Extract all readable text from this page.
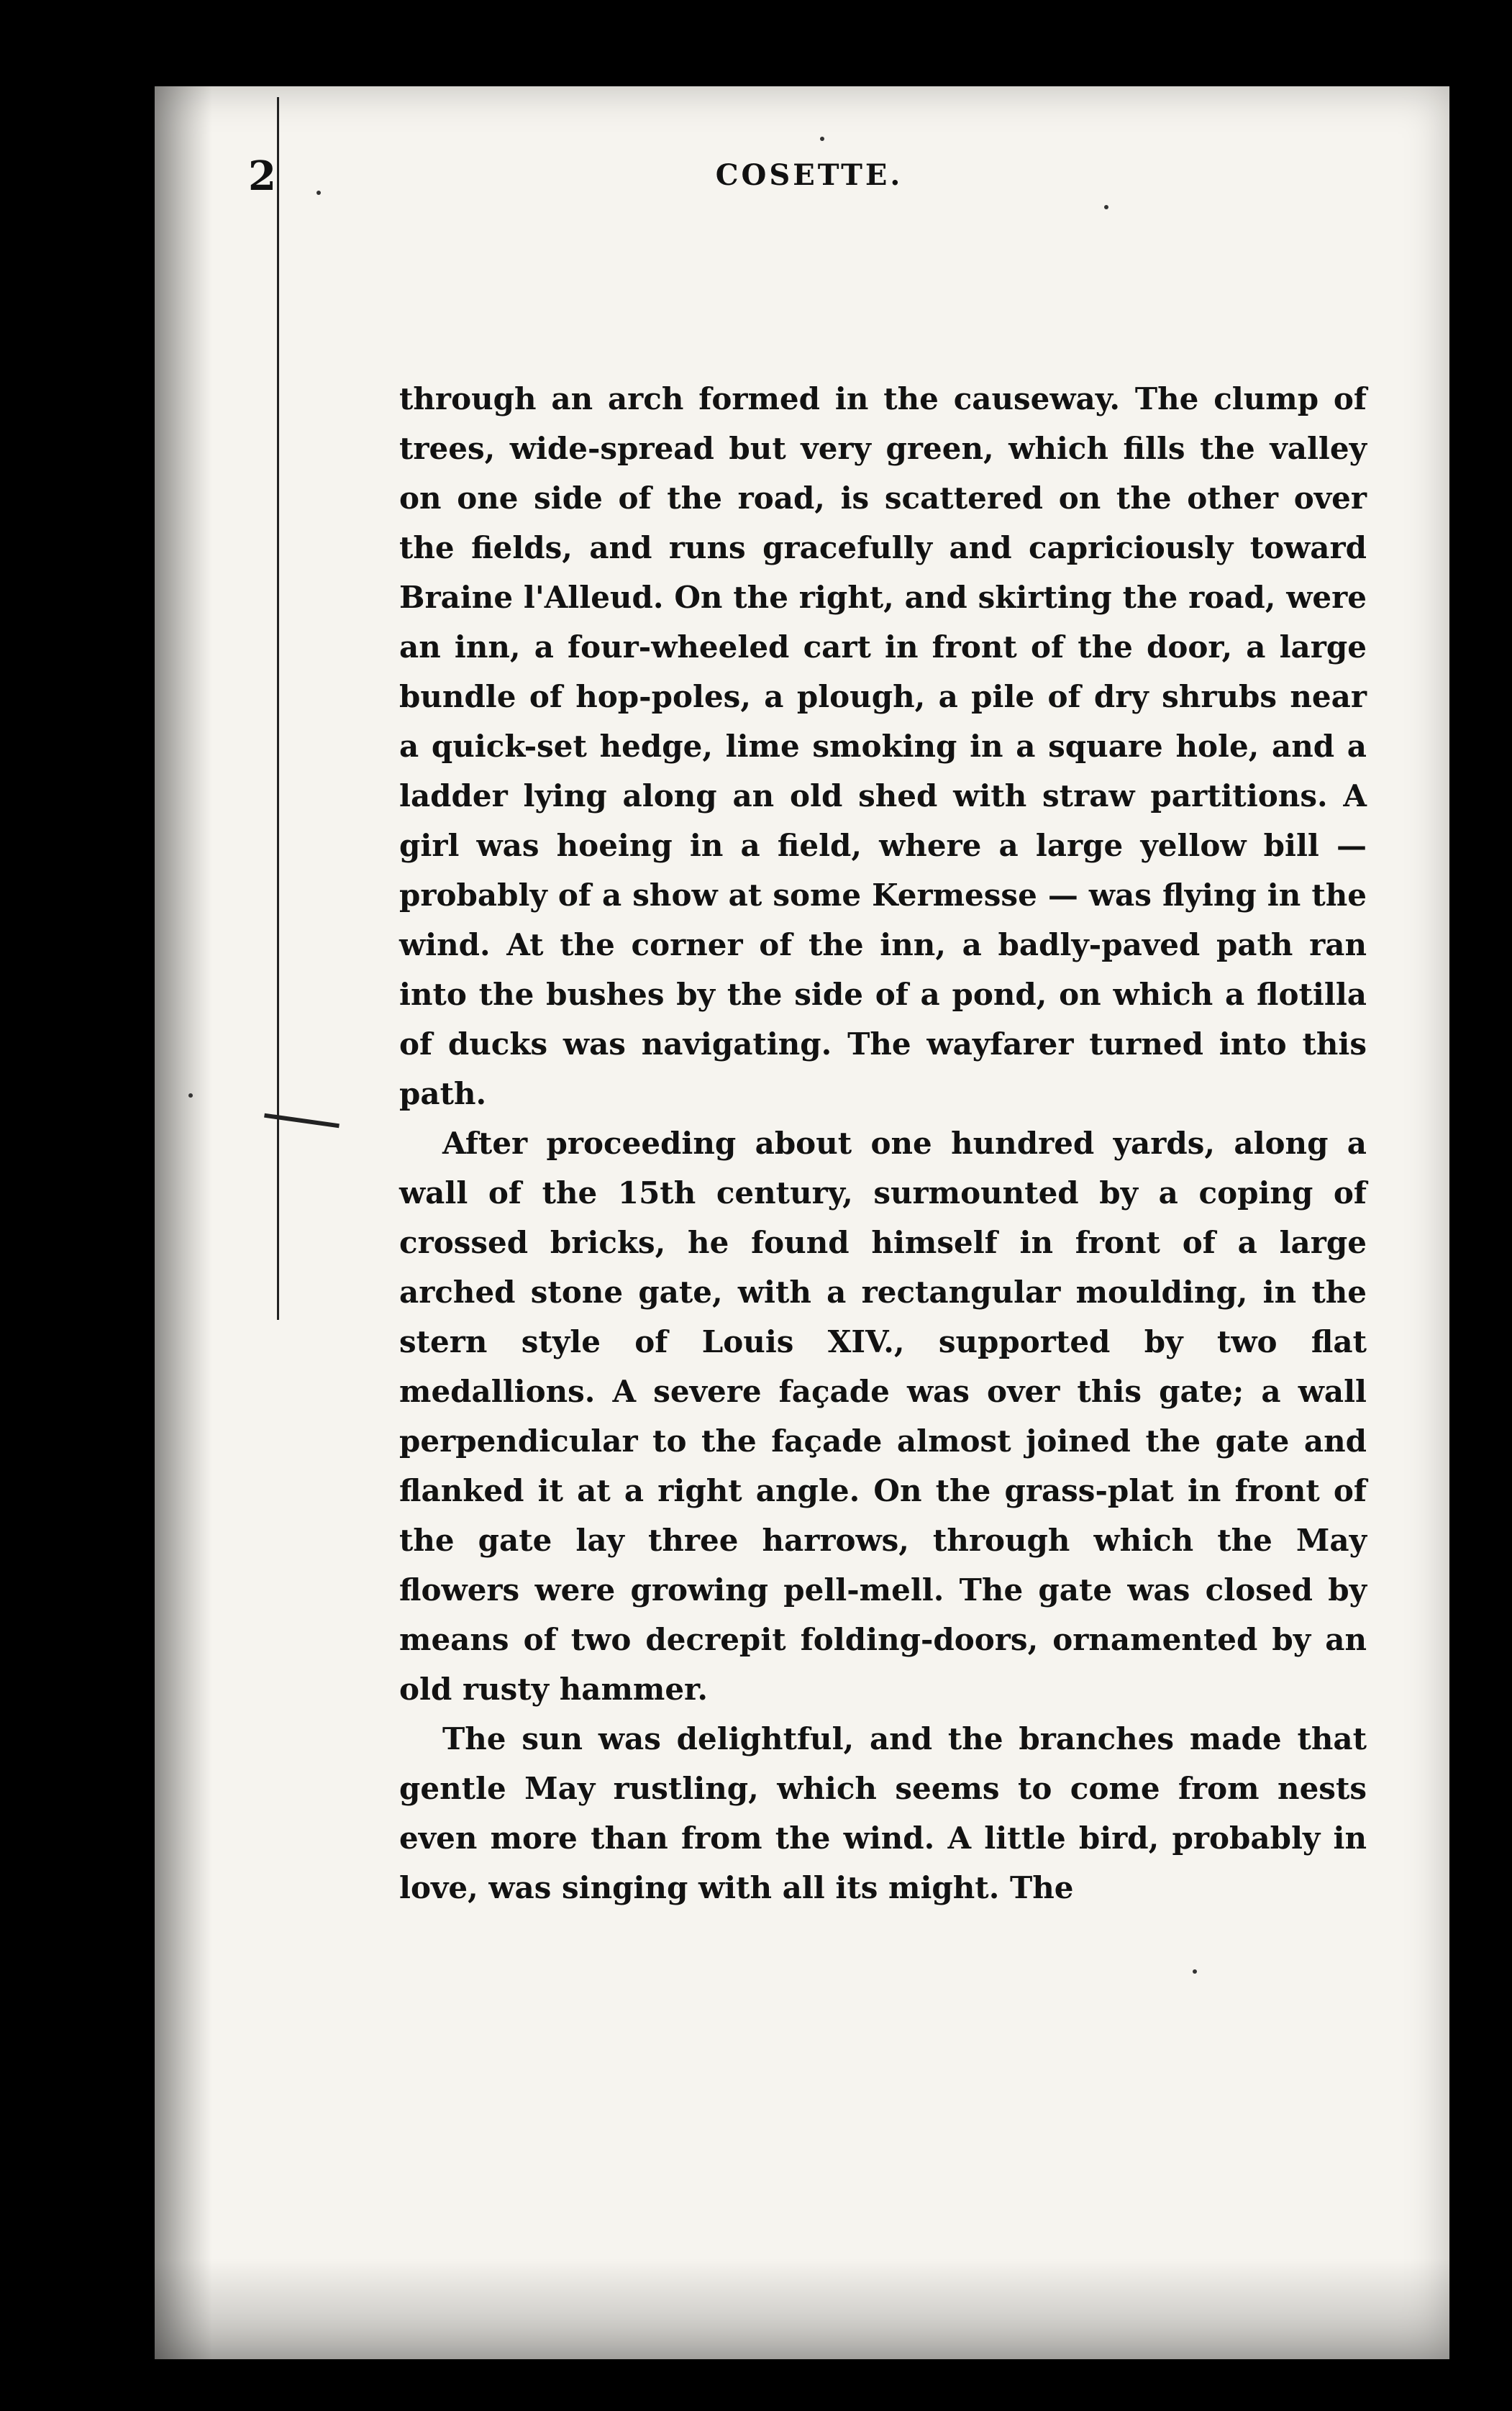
2	COSETTE.

through an arch formed in the causeway. The clump of trees, wide-spread but very green, which fills the valley on one side of the road, is scattered on the other over the fields, and runs gracefully and capriciously toward Braine l'Alleud. On the right, and skirting the road, were an inn, a four-wheeled cart in front of the door, a large bundle of hop-poles, a plough, a pile of dry shrubs near a quick-set hedge, lime smoking in a square hole, and a ladder lying along an old shed with straw partitions. A girl was hoeing in a field, where a large yellow bill — probably of a show at some Kermesse — was flying in the wind. At the corner of the inn, a badly-paved path ran into the bushes by the side of a pond, on which a flotilla of ducks was navigating. The wayfarer turned into this path.

After proceeding about one hundred yards, along a wall of the 15th century, surmounted by a coping of crossed bricks, he found himself in front of a large arched stone gate, with a rectangular moulding, in the stern style of Louis XIV., supported by two flat medallions. A severe façade was over this gate; a wall perpendicular to the façade almost joined the gate and flanked it at a right angle. On the grass-plat in front of the gate lay three harrows, through which the May flowers were growing pell-mell. The gate was closed by means of two decrepit folding-doors, ornamented by an old rusty hammer.

The sun was delightful, and the branches made that gentle May rustling, which seems to come from nests even more than from the wind. A little bird, probably in love, was singing with all its might. The
